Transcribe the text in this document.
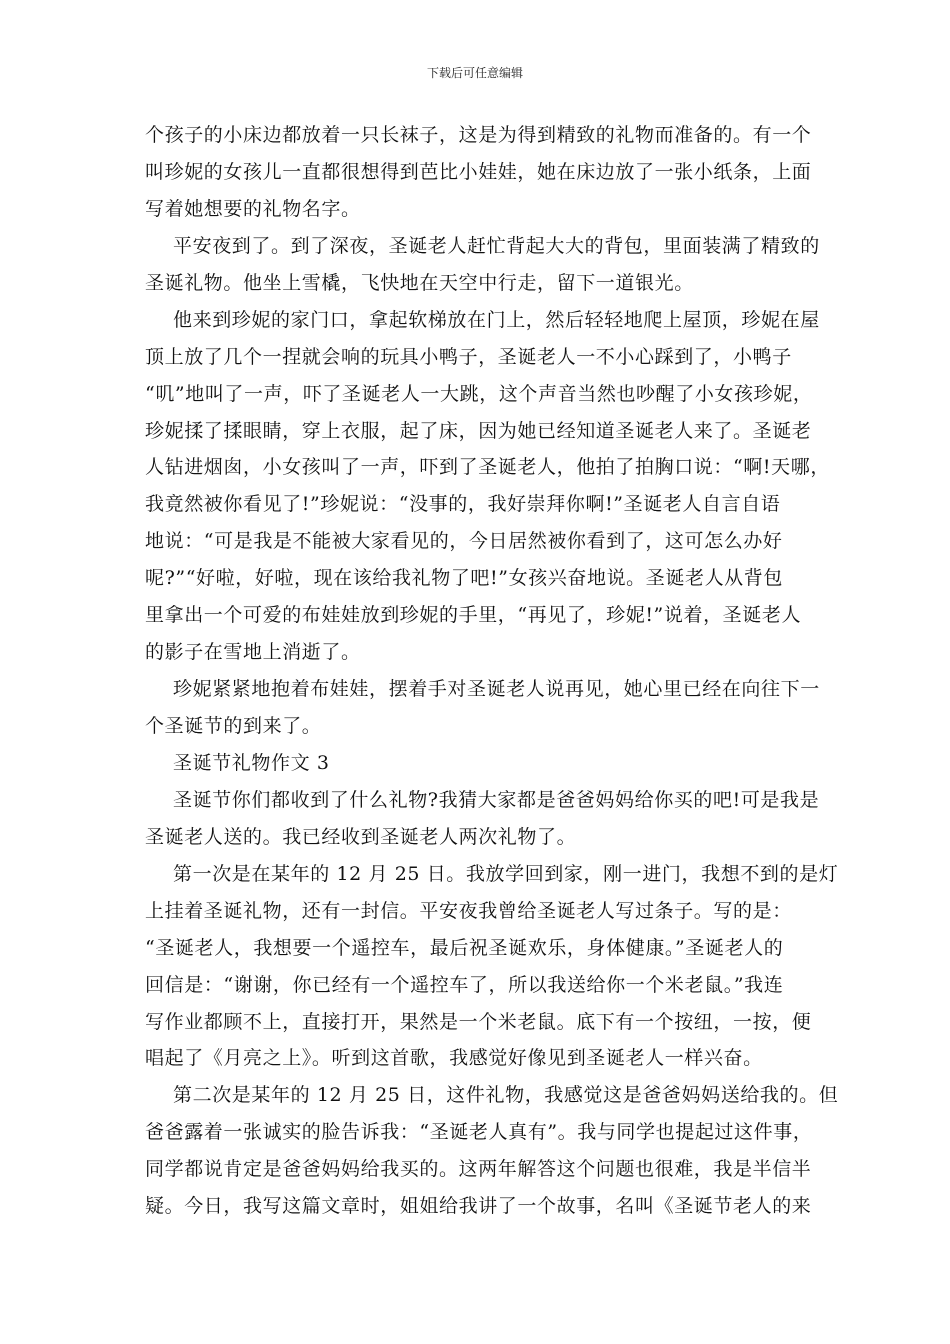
下载后可任意编辑
个孩子的小床边都放着一只长袜子，这是为得到精致的礼物而准备的。有一个
叫珍妮的女孩儿一直都很想得到芭比小娃娃，她在床边放了一张小纸条，上面
写着她想要的礼物名字。
平安夜到了。到了深夜，圣诞老人赶忙背起大大的背包，里面装满了精致的
圣诞礼物。他坐上雪橇，飞快地在天空中行走，留下一道银光。
他来到珍妮的家门口，拿起软梯放在门上，然后轻轻地爬上屋顶，珍妮在屋
顶上放了几个一捏就会响的玩具小鸭子，圣诞老人一不小心踩到了，小鸭子
“叽”地叫了一声，吓了圣诞老人一大跳，这个声音当然也吵醒了小女孩珍妮，
珍妮揉了揉眼睛，穿上衣服，起了床，因为她已经知道圣诞老人来了。圣诞老
人钻进烟囱，小女孩叫了一声，吓到了圣诞老人，他拍了拍胸口说：“啊!天哪，
我竟然被你看见了!”珍妮说：“没事的，我好崇拜你啊!”圣诞老人自言自语
地说：“可是我是不能被大家看见的，今日居然被你看到了，这可怎么办好
呢?”“好啦，好啦，现在该给我礼物了吧!”女孩兴奋地说。圣诞老人从背包
里拿出一个可爱的布娃娃放到珍妮的手里，“再见了，珍妮!”说着，圣诞老人
的影子在雪地上消逝了。
珍妮紧紧地抱着布娃娃，摆着手对圣诞老人说再见，她心里已经在向往下一
个圣诞节的到来了。
圣诞节礼物作文 3
圣诞节你们都收到了什么礼物?我猜大家都是爸爸妈妈给你买的吧!可是我是
圣诞老人送的。我已经收到圣诞老人两次礼物了。
第一次是在某年的 12 月 25 日。我放学回到家，刚一进门，我想不到的是灯
上挂着圣诞礼物，还有一封信。平安夜我曾给圣诞老人写过条子。写的是：
“圣诞老人，我想要一个遥控车，最后祝圣诞欢乐，身体健康。”圣诞老人的
回信是：“谢谢，你已经有一个遥控车了，所以我送给你一个米老鼠。”我连
写作业都顾不上，直接打开，果然是一个米老鼠。底下有一个按纽，一按，便
唱起了《月亮之上》。听到这首歌，我感觉好像见到圣诞老人一样兴奋。
第二次是某年的 12 月 25 日，这件礼物，我感觉这是爸爸妈妈送给我的。但
爸爸露着一张诚实的脸告诉我：“圣诞老人真有”。我与同学也提起过这件事，
同学都说肯定是爸爸妈妈给我买的。这两年解答这个问题也很难，我是半信半
疑。今日，我写这篇文章时，姐姐给我讲了一个故事，名叫《圣诞节老人的来
